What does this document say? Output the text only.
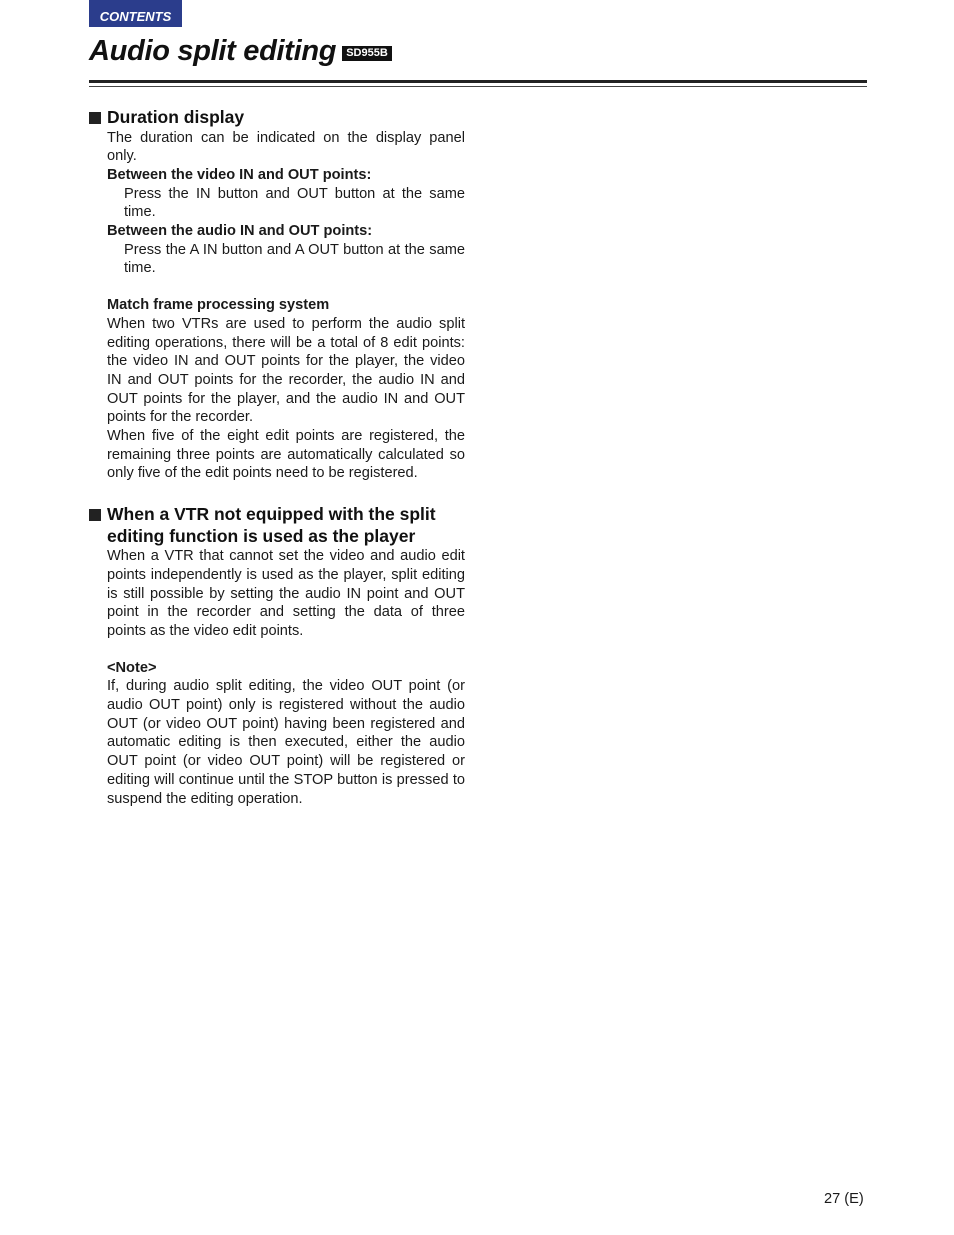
CONTENTS
Audio split editing SD955B
Duration display
The duration can be indicated on the display panel only.
Between the video IN and OUT points:
Press the IN button and OUT button at the same time.
Between the audio IN and OUT points:
Press the A IN button and A OUT button at the same time.
Match frame processing system
When two VTRs are used to perform the audio split editing operations, there will be a total of 8 edit points: the video IN and OUT points for the player, the video IN and OUT points for the recorder, the audio IN and OUT points for the player, and the audio IN and OUT points for the recorder.
When five of the eight edit points are registered, the remaining three points are automatically calculated so only five of the edit points need to be registered.
When a VTR not equipped with the split editing function is used as the player
When a VTR that cannot set the video and audio edit points independently is used as the player, split editing is still possible by setting the audio IN point and OUT point in the recorder and setting the data of three points as the video edit points.
<Note>
If, during audio split editing, the video OUT point (or audio OUT point) only is registered without the audio OUT (or video OUT point) having been registered and automatic editing is then executed, either the audio OUT point (or video OUT point) will be registered or editing will continue until the STOP button is pressed to suspend the editing operation.
27 (E)
